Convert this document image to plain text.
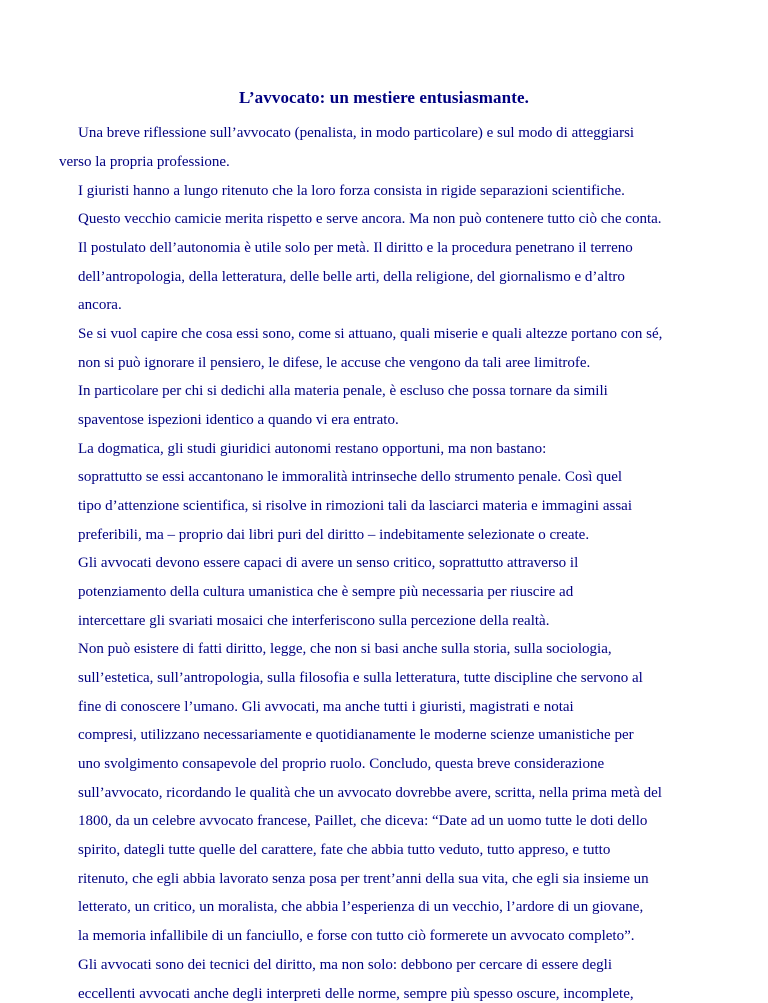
L’avvocato: un mestiere entusiasmante.
Una breve riflessione sull’avvocato (penalista, in modo particolare) e sul modo di atteggiarsi
verso la propria professione.
I giuristi hanno a lungo ritenuto che la loro forza consista in rigide separazioni scientifiche.
Questo vecchio camicie merita rispetto e serve ancora. Ma non può contenere tutto ciò che conta.
Il postulato dell’autonomia è utile solo per metà. Il diritto e la procedura penetrano il terreno
dell’antropologia, della letteratura, delle belle arti, della religione, del giornalismo e d’altro
ancora.
Se si vuol capire che cosa essi sono, come si attuano, quali miserie e quali altezze portano con sé,
non si può ignorare il pensiero, le difese, le accuse che vengono da tali aree limitrofe.
In particolare per chi si dedichi alla materia penale, è escluso che possa tornare da simili
spaventose ispezioni identico a quando vi era entrato.
La dogmatica, gli studi giuridici autonomi restano opportuni, ma non bastano:
soprattutto se essi accantonano le immoralità intrinseche dello strumento penale. Così quel
tipo d’attenzione scientifica, si risolve in rimozioni tali da lasciarci materia e immagini assai
preferibili, ma – proprio dai libri puri del diritto – indebitamente selezionate o create.
Gli avvocati devono essere capaci di avere un senso critico, soprattutto attraverso il
potenziamento della cultura umanistica che è sempre più necessaria per riuscire ad
intercettare gli svariati mosaici che interferiscono sulla percezione della realtà.
Non può esistere di fatti diritto, legge, che non si basi anche sulla storia, sulla sociologia,
sull’estetica, sull’antropologia, sulla filosofia e sulla letteratura, tutte discipline che servono al
fine di conoscere l’umano. Gli avvocati, ma anche tutti i giuristi, magistrati e notai
compresi, utilizzano necessariamente e quotidianamente le moderne scienze umanistiche per
uno svolgimento consapevole del proprio ruolo. Concludo, questa breve considerazione
sull’avvocato, ricordando le qualità che un avvocato dovrebbe avere, scritta, nella prima metà del
1800, da un celebre avvocato francese, Paillet, che diceva: “Date ad un uomo tutte le doti dello
spirito, dategli tutte quelle del carattere, fate che abbia tutto veduto, tutto appreso, e tutto
ritenuto, che egli abbia lavorato senza posa per trent’anni della sua vita, che egli sia insieme un
letterato, un critico, un moralista, che abbia l’esperienza di un vecchio, l’ardore di un giovane,
la memoria infallibile di un fanciullo, e forse con tutto ciò formerete un avvocato completo”.
Gli avvocati sono dei tecnici del diritto, ma non solo: debbono per cercare di essere degli
eccellenti avvocati anche degli interpreti delle norme, sempre più spesso oscure, incomplete,
